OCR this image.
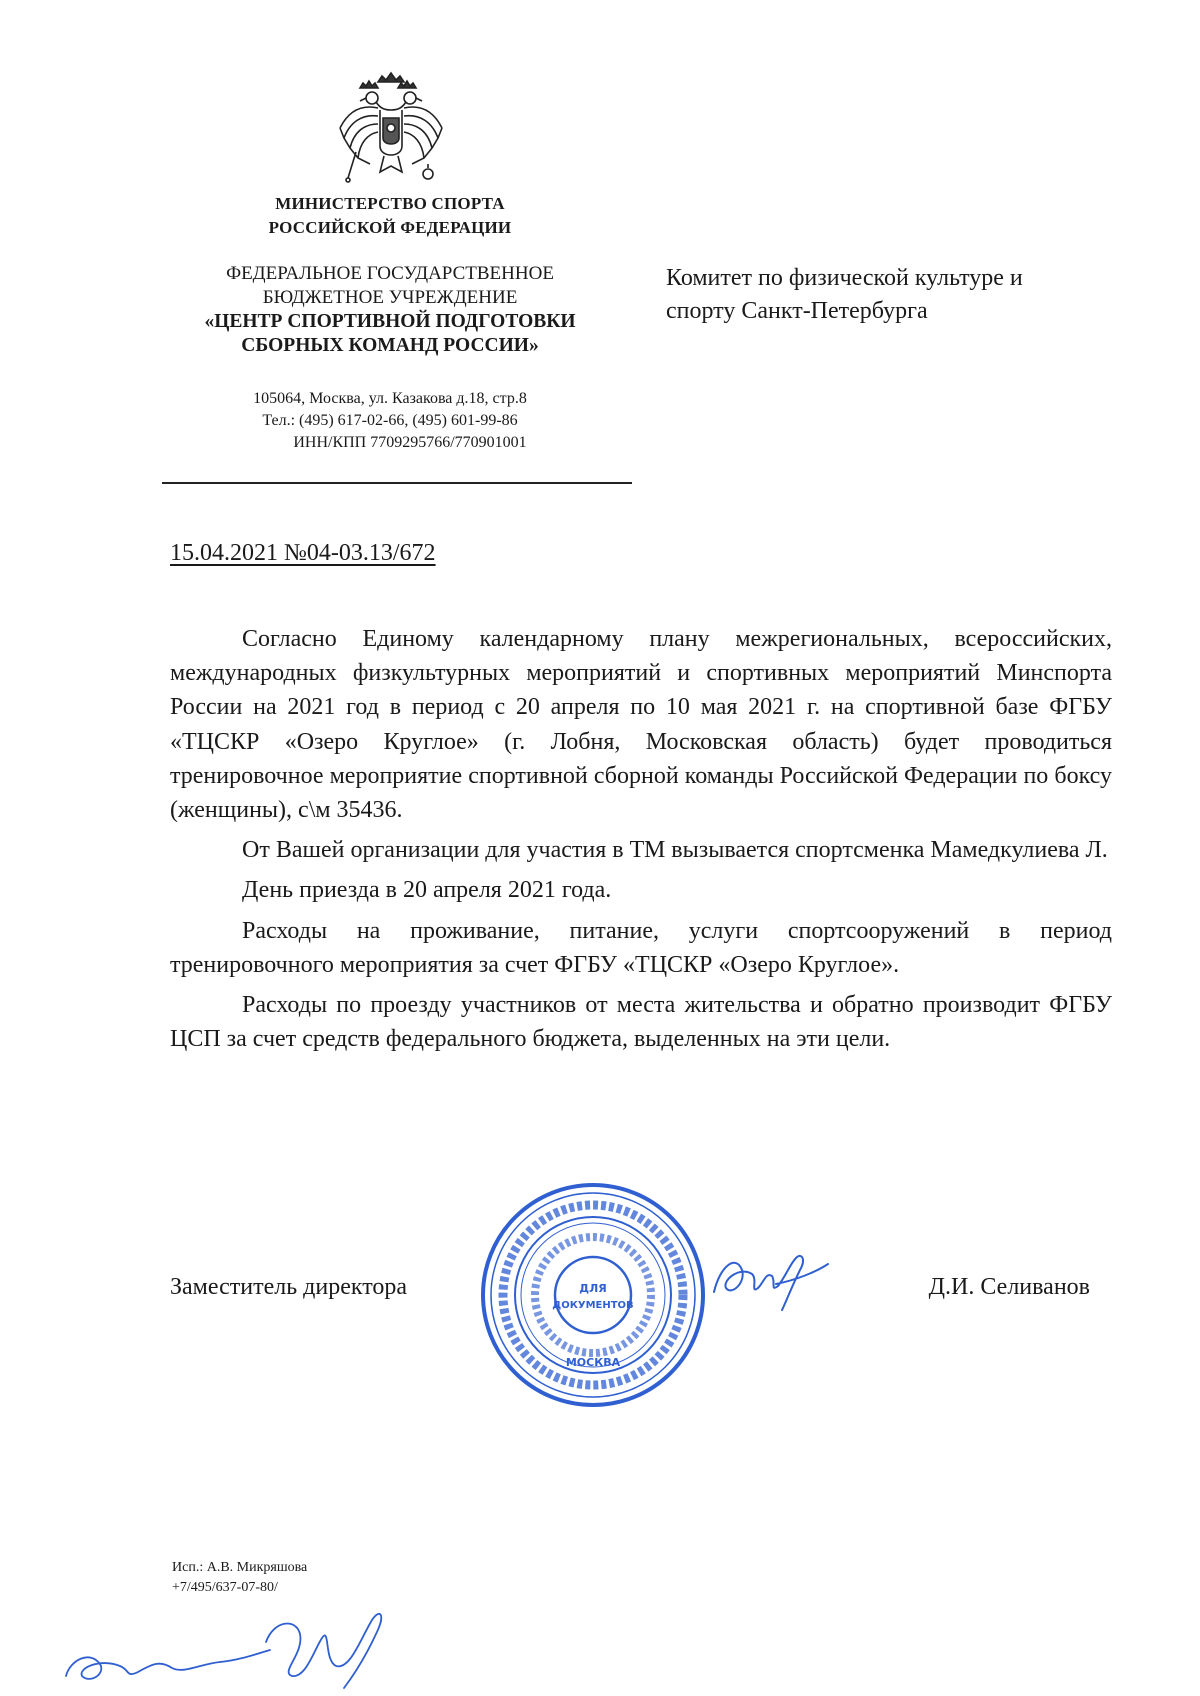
МИНИСТЕРСТВО СПОРТА
РОССИЙСКОЙ ФЕДЕРАЦИИ
ФЕДЕРАЛЬНОЕ ГОСУДАРСТВЕННОЕ
БЮДЖЕТНОЕ УЧРЕЖДЕНИЕ
«ЦЕНТР СПОРТИВНОЙ ПОДГОТОВКИ
СБОРНЫХ КОМАНД РОССИИ»
105064, Москва, ул. Казакова д.18, стр.8
Тел.: (495) 617-02-66, (495) 601-99-86
ИНН/КПП 7709295766/770901001
Комитет по физической культуре и
спорту Санкт-Петербурга
15.04.2021 №04-03.13/672

Согласно Единому календарному плану межрегиональных, всероссийских, международных физкультурных мероприятий и спортивных мероприятий Минспорта России на 2021 год в период с 20 апреля по 10 мая 2021 г. на спортивной базе ФГБУ «ТЦСКР «Озеро Круглое» (г. Лобня, Московская область) будет проводиться тренировочное мероприятие спортивной сборной команды Российской Федерации по боксу (женщины), с\м 35436.

От Вашей организации для участия в ТМ вызывается спортсменка Мамедкулиева Л.

День приезда в 20 апреля 2021 года.

Расходы на проживание, питание, услуги спортсооружений в период тренировочного мероприятия за счет ФГБУ «ТЦСКР «Озеро Круглое».

Расходы по проезду участников от места жительства и обратно производит ФГБУ ЦСП за счет средств федерального бюджета, выделенных на эти цели.

Заместитель директора	Д.И. Селиванов
ДЛЯ
ДОКУМЕНТОВ
МОСКВА
Исп.: А.В. Микряшова
+7/495/637-07-80/
